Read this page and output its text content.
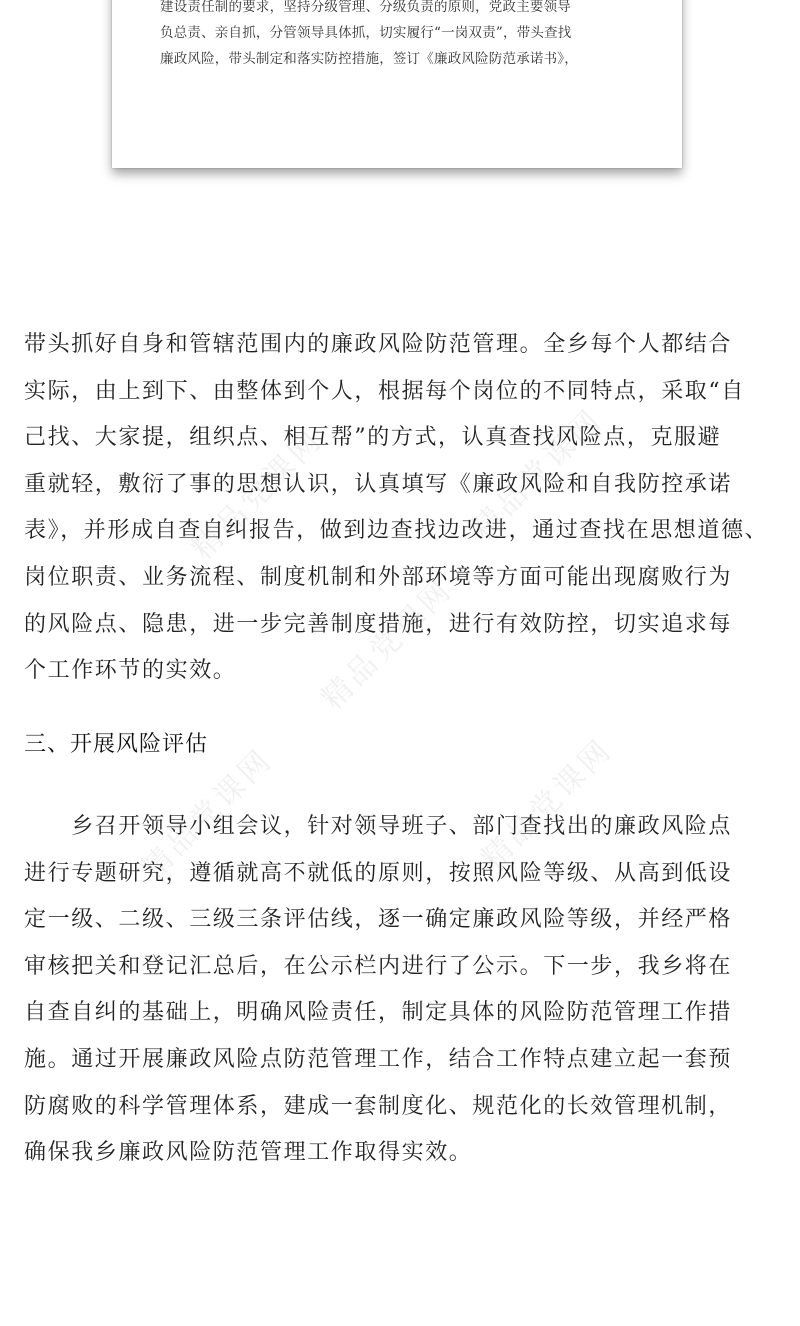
建设责任制的要求，坚持分级管理、分级负责的原则，党政主要领导
负总责、亲自抓，分管领导具体抓，切实履行“一岗双责”，带头查找
廉政风险，带头制定和落实防控措施，签订《廉政风险防范承诺书》，
带头抓好自身和管辖范围内的廉政风险防范管理。全乡每个人都结合
实际，由上到下、由整体到个人，根据每个岗位的不同特点，采取“自
己找、大家提，组织点、相互帮”的方式，认真查找风险点，克服避
重就轻，敷衍了事的思想认识，认真填写《廉政风险和自我防控承诺
表》，并形成自查自纠报告，做到边查找边改进，通过查找在思想道德、
岗位职责、业务流程、制度机制和外部环境等方面可能出现腐败行为
的风险点、隐患，进一步完善制度措施，进行有效防控，切实追求每
个工作环节的实效。
三、开展风险评估
　　乡召开领导小组会议，针对领导班子、部门查找出的廉政风险点
进行专题研究，遵循就高不就低的原则，按照风险等级、从高到低设
定一级、二级、三级三条评估线，逐一确定廉政风险等级，并经严格
审核把关和登记汇总后，在公示栏内进行了公示。下一步，我乡将在
自查自纠的基础上，明确风险责任，制定具体的风险防范管理工作措
施。通过开展廉政风险点防范管理工作，结合工作特点建立起一套预
防腐败的科学管理体系，建成一套制度化、规范化的长效管理机制，
确保我乡廉政风险防范管理工作取得实效。
精品党课网	精品党课网
精品党课网
精品党课网	精品党课网
